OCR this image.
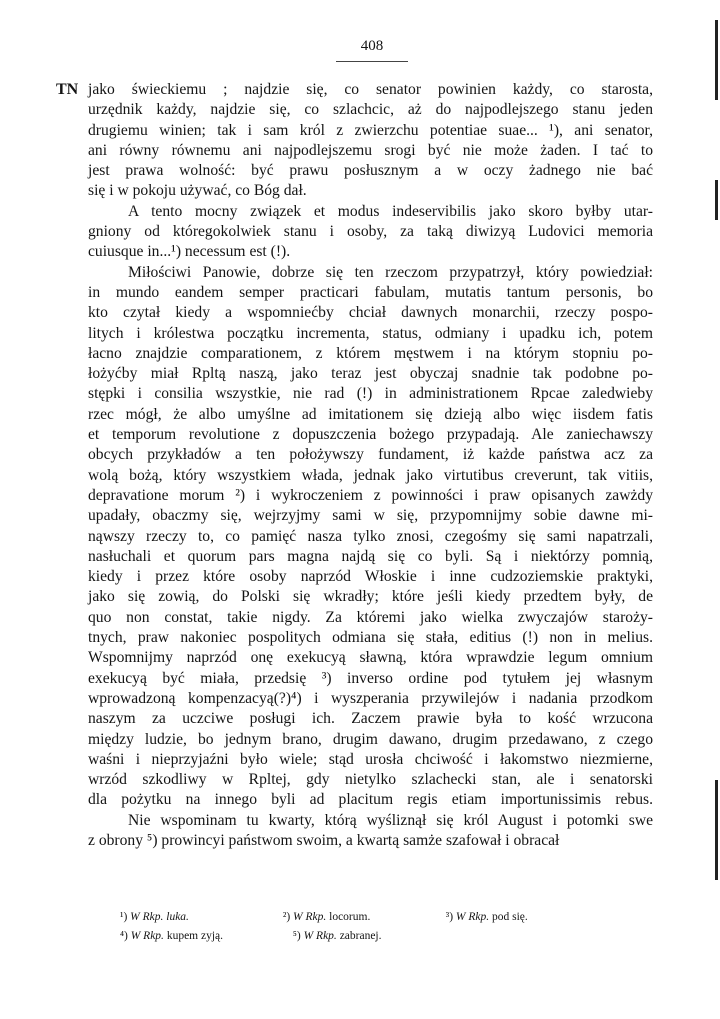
408
TN jako świeckiemu ; najdzie się, co senator powinien każdy, co starosta,
urzędnik każdy, najdzie się, co szlachcic, aż do najpodlejszego stanu jeden
drugiemu winien; tak i sam król z zwierzchu potentiae suae... ¹), ani senator,
ani równy równemu ani najpodlejszemu srogi być nie może żaden. I tać to
jest prawa wolność: być prawu posłusznym a w oczy żadnego nie bać
się i w pokoju używać, co Bóg dał.
A tento mocny związek et modus indeservibilis jako skoro byłby utar-
gniony od któregokolwiek stanu i osoby, za taką diwizyą Ludovici memoria
cuiusque in...¹) necessum est (!).
Miłościwi Panowie, dobrze się ten rzeczom przypatrzył, który powiedział:
in mundo eandem semper practicari fabulam, mutatis tantum personis, bo
kto czytał kiedy a wspomniećby chciał dawnych monarchii, rzeczy pospo-
litych i królestwa początku incrementa, status, odmiany i upadku ich, potem
łacno znajdzie comparationem, z którem męstwem i na którym stopniu po-
łożyćby miał Rpltą naszą, jako teraz jest obyczaj snadnie tak podobne po-
stępki i consilia wszystkie, nie rad (!) in administrationem Rpcae zaledwieby
rzec mógł, że albo umyślne ad imitationem się dzieją albo więc iisdem fatis
et temporum revolutione z dopuszczenia bożego przypadają. Ale zaniechawszy
obcych przykładów a ten położywszy fundament, iż każde państwa acz za
wolą bożą, który wszystkiem włada, jednak jako virtutibus creverunt, tak vitiis,
depravatione morum ²) i wykroczeniem z powinności i praw opisanych zawżdy
upadały, obaczmy się, wejrzyjmy sami w się, przypomnijmy sobie dawne mi-
nąwszy rzeczy to, co pamięć nasza tylko znosi, czegośmy się sami napatrzali,
nasłuchali et quorum pars magna najdą się co byli. Są i niektórzy pomnią,
kiedy i przez które osoby naprzód Włoskie i inne cudzoziemskie praktyki,
jako się zowią, do Polski się wkradły; które jeśli kiedy przedtem były, de
quo non constat, takie nigdy. Za któremi jako wielka zwyczajów staroży-
tnych, praw nakoniec pospolitych odmiana się stała, editius (!) non in melius.
Wspomnijmy naprzód onę exekucyą sławną, która wprawdzie legum omnium
exekucyą być miała, przedsię ³) inverso ordine pod tytułem jej własnym
wprowadzoną kompenzacyą(?)⁴) i wyszperania przywilejów i nadania przodkom
naszym za uczciwe posługi ich. Zaczem prawie była to kość wrzucona
między ludzie, bo jednym brano, drugim dawano, drugim przedawano, z czego
waśni i nieprzyjaźni było wiele; stąd urosła chciwość i łakomstwo niezmierne,
wrzód szkodliwy w Rpltej, gdy nietylko szlachecki stan, ale i senatorski
dla pożytku na innego byli ad placitum regis etiam importunissimis rebus.
Nie wspominam tu kwarty, którą wyśliznął się król August i potomki swe
z obrony ⁵) prowincyi państwom swoim, a kwartą samże szafował i obracał
¹) W Rkp. luka.	²) W Rkp. locorum.	³) W Rkp. pod się.
⁴) W Rkp. kupem zyją.	⁵) W Rkp. zabranej.
